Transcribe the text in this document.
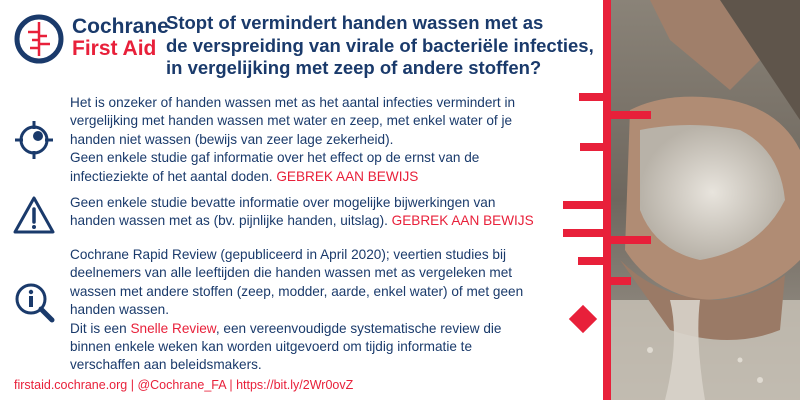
Cochrane
First Aid
Stopt of vermindert handen wassen met as
de verspreiding van virale of bacteriële infecties,
in vergelijking met zeep of andere stoffen?
Het is onzeker of handen wassen met as het aantal infecties vermindert in
vergelijking met handen wassen met water en zeep, met enkel water of je
handen niet wassen (bewijs van zeer lage zekerheid).
Geen enkele studie gaf informatie over het effect op de ernst van de
infectieziekte of het aantal doden. GEBREK AAN BEWIJS
Geen enkele studie bevatte informatie over mogelijke bijwerkingen van
handen wassen met as (bv. pijnlijke handen, uitslag). GEBREK AAN BEWIJS
Cochrane Rapid Review (gepubliceerd in April 2020); veertien studies bij
deelnemers van alle leeftijden die handen wassen met as vergeleken met
wassen met andere stoffen (zeep, modder, aarde, enkel water) of met geen
handen wassen.
Dit is een Snelle Review, een vereenvoudigde systematische review die
binnen enkele weken kan worden uitgevoerd om tijdig informatie te
verschaffen aan beleidsmakers.
firstaid.cochrane.org | @Cochrane_FA | https://bit.ly/2Wr0ovZ
